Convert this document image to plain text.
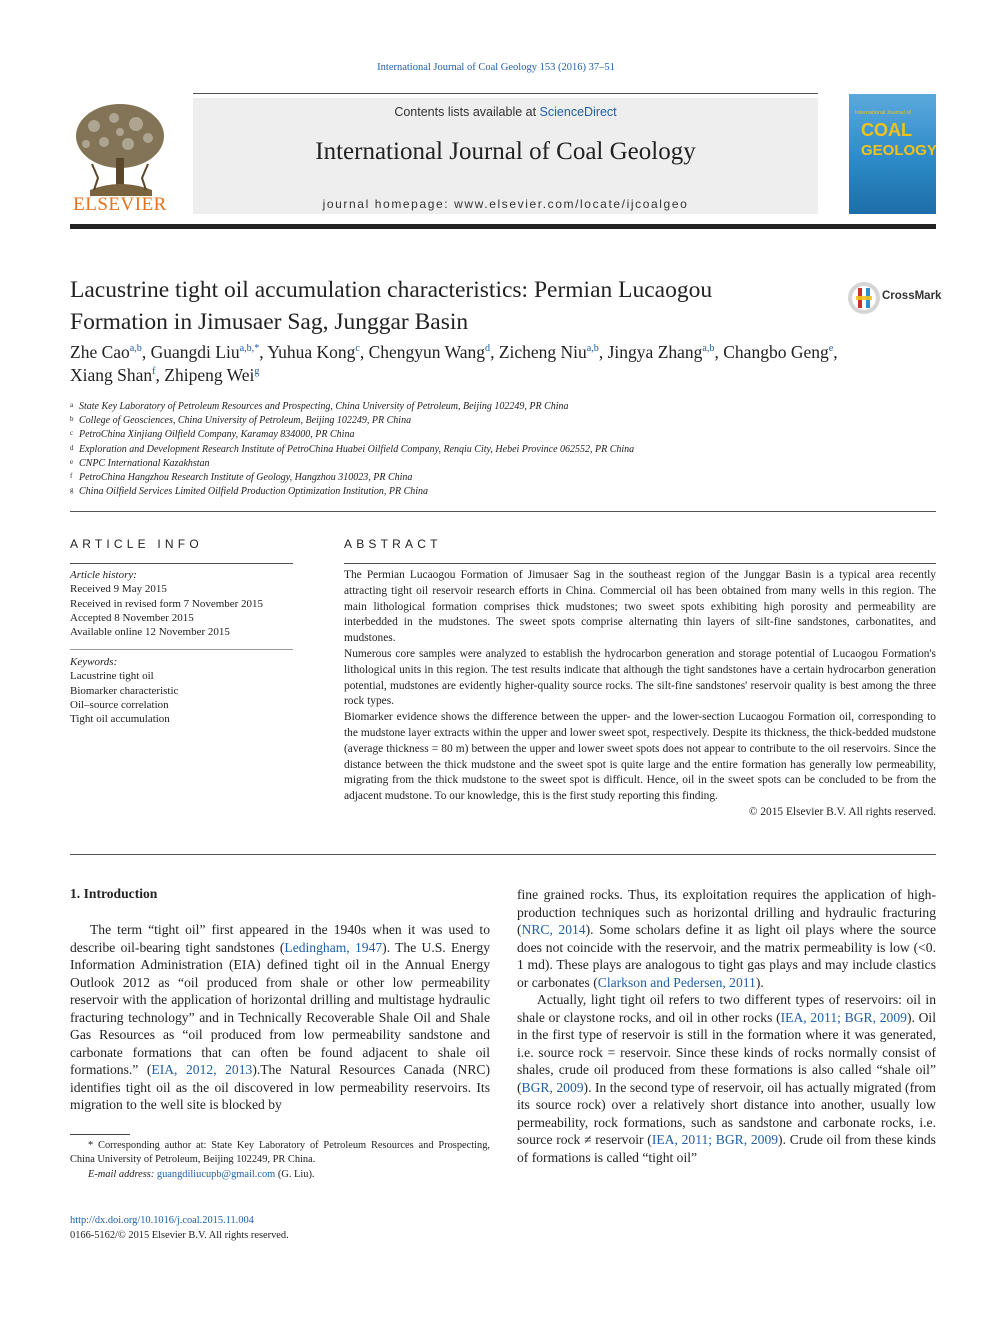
International Journal of Coal Geology 153 (2016) 37–51
Contents lists available at ScienceDirect
International Journal of Coal Geology
journal homepage: www.elsevier.com/locate/ijcoalgeo
ELSEVIER
International Journal of
COAL
GEOLOGY
Lacustrine tight oil accumulation characteristics: Permian Lucaogou Formation in Jimusaer Sag, Junggar Basin
CrossMark
Zhe Cao$^{a,b}$, Guangdi Liu$^{a,b,*}$, Yuhua Kong$^c$, Chengyun Wang$^d$, Zicheng Niu$^{a,b}$, Jingya Zhang$^{a,b}$, Changbo Geng$^e$,
Xiang Shan$^f$, Zhipeng Wei$^g$
a State Key Laboratory of Petroleum Resources and Prospecting, China University of Petroleum, Beijing 102249, PR China
b College of Geosciences, China University of Petroleum, Beijing 102249, PR China
c PetroChina Xinjiang Oilfield Company, Karamay 834000, PR China
d Exploration and Development Research Institute of PetroChina Huabei Oilfield Company, Renqiu City, Hebei Province 062552, PR China
e CNPC International Kazakhstan
f PetroChina Hangzhou Research Institute of Geology, Hangzhou 310023, PR China
g China Oilfield Services Limited Oilfield Production Optimization Institution, PR China
ARTICLE INFO
Article history:
Received 9 May 2015
Received in revised form 7 November 2015
Accepted 8 November 2015
Available online 12 November 2015
Keywords:
Lacustrine tight oil
Biomarker characteristic
Oil–source correlation
Tight oil accumulation
ABSTRACT

The Permian Lucaogou Formation of Jimusaer Sag in the southeast region of the Junggar Basin is a typical area recently attracting tight oil reservoir research efforts in China. Commercial oil has been obtained from many wells in this region. The main lithological formation comprises thick mudstones; two sweet spots exhibiting high porosity and permeability are interbedded in the mudstones. The sweet spots comprise alternating thin layers of silt-fine sandstones, carbonatites, and mudstones.

Numerous core samples were analyzed to establish the hydrocarbon generation and storage potential of Lucaogou Formation's lithological units in this region. The test results indicate that although the tight sandstones have a certain hydrocarbon generation potential, mudstones are evidently higher-quality source rocks. The silt-fine sandstones' reservoir quality is best among the three rock types.

Biomarker evidence shows the difference between the upper- and the lower-section Lucaogou Formation oil, corresponding to the mudstone layer extracts within the upper and lower sweet spot, respectively. Despite its thickness, the thick-bedded mudstone (average thickness = 80 m) between the upper and lower sweet spots does not appear to contribute to the oil reservoirs. Since the distance between the thick mudstone and the sweet spot is quite large and the entire formation has generally low permeability, migrating from the thick mudstone to the sweet spot is difficult. Hence, oil in the sweet spots can be concluded to be from the adjacent mudstone. To our knowledge, this is the first study reporting this finding.

© 2015 Elsevier B.V. All rights reserved.

1. Introduction

The term “tight oil” first appeared in the 1940s when it was used to describe oil-bearing tight sandstones (Ledingham, 1947). The U.S. Energy Information Administration (EIA) defined tight oil in the Annual Energy Outlook 2012 as “oil produced from shale or other low permeability reservoir with the application of horizontal drilling and multistage hydraulic fracturing technology” and in Technically Recoverable Shale Oil and Shale Gas Resources as “oil produced from low permeability sandstone and carbonate formations that can often be found adjacent to shale oil formations.” (EIA, 2012, 2013).The Natural Resources Canada (NRC) identifies tight oil as the oil discovered in low permeability reservoirs. Its migration to the well site is blocked by

fine grained rocks. Thus, its exploitation requires the application of high-production techniques such as horizontal drilling and hydraulic fracturing (NRC, 2014). Some scholars define it as light oil plays where the source does not coincide with the reservoir, and the matrix permeability is low (<0. 1 md). These plays are analogous to tight gas plays and may include clastics or carbonates (Clarkson and Pedersen, 2011).

Actually, light tight oil refers to two different types of reservoirs: oil in shale or claystone rocks, and oil in other rocks (IEA, 2011; BGR, 2009). Oil in the first type of reservoir is still in the formation where it was generated, i.e. source rock = reservoir. Since these kinds of rocks normally consist of shales, crude oil produced from these formations is also called “shale oil” (BGR, 2009). In the second type of reservoir, oil has actually migrated (from its source rock) over a relatively short distance into another, usually low permeability, rock formations, such as sandstone and carbonate rocks, i.e. source rock ≠ reservoir (IEA, 2011; BGR, 2009). Crude oil from these kinds of formations is called “tight oil”

* Corresponding author at: State Key Laboratory of Petroleum Resources and Prospecting, China University of Petroleum, Beijing 102249, PR China.
E-mail address: guangdiliucupb@gmail.com (G. Liu).
http://dx.doi.org/10.1016/j.coal.2015.11.004
0166-5162/© 2015 Elsevier B.V. All rights reserved.
